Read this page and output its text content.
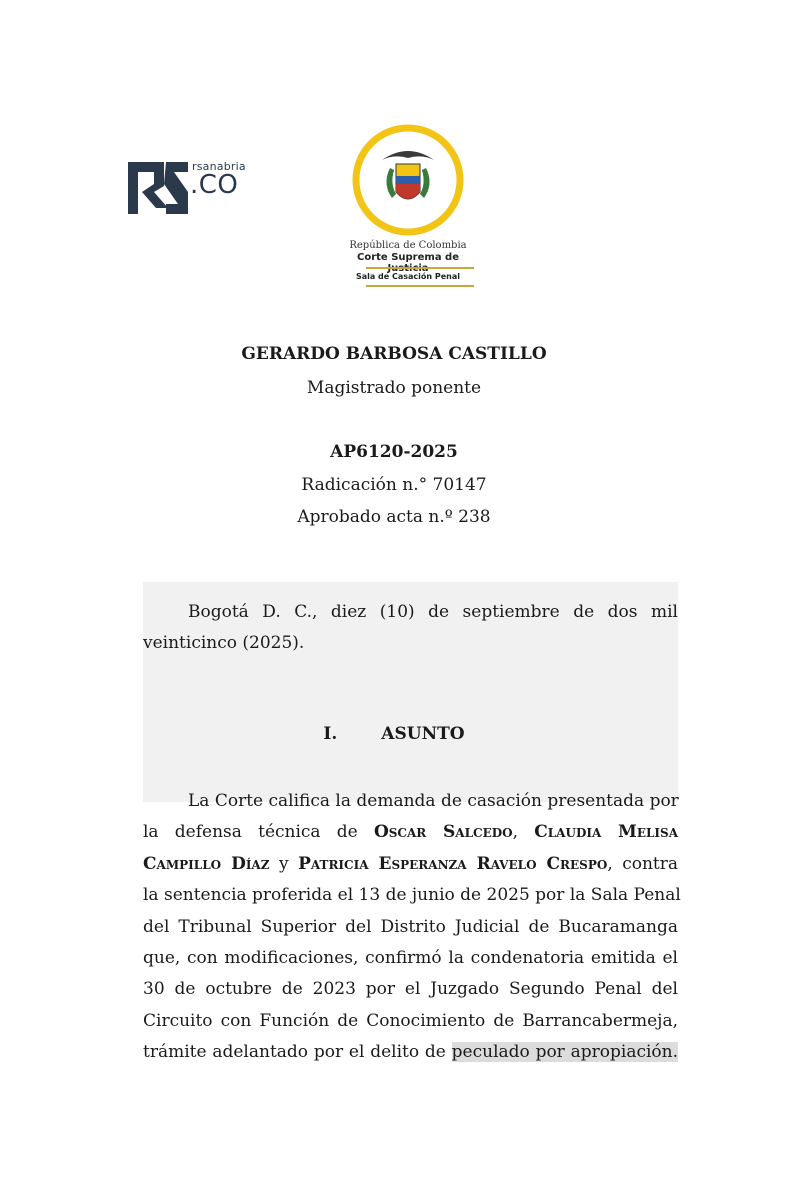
rsanabria
.CO
República de Colombia
Corte Suprema de
Sala de Casación Penal
GERARDO BARBOSA CASTILLO
Magistrado ponente
AP6120-2025
Radicación n.° 70147
Aprobado acta n.º 238
Bogotá D. C., diez (10) de septiembre de dos mil
veinticinco (2025).
I.	ASUNTO
La Corte califica la demanda de casación presentada por
la defensa técnica de Oscar Salcedo, Claudia Melisa
Campillo Díaz y Patricia Esperanza Ravelo Crespo, contra
la sentencia proferida el 13 de junio de 2025 por la Sala Penal
del Tribunal Superior del Distrito Judicial de Bucaramanga
que, con modificaciones, confirmó la condenatoria emitida el
30 de octubre de 2023 por el Juzgado Segundo Penal del
Circuito con Función de Conocimiento de Barrancabermeja,
trámite adelantado por el delito de peculado por apropiación.
